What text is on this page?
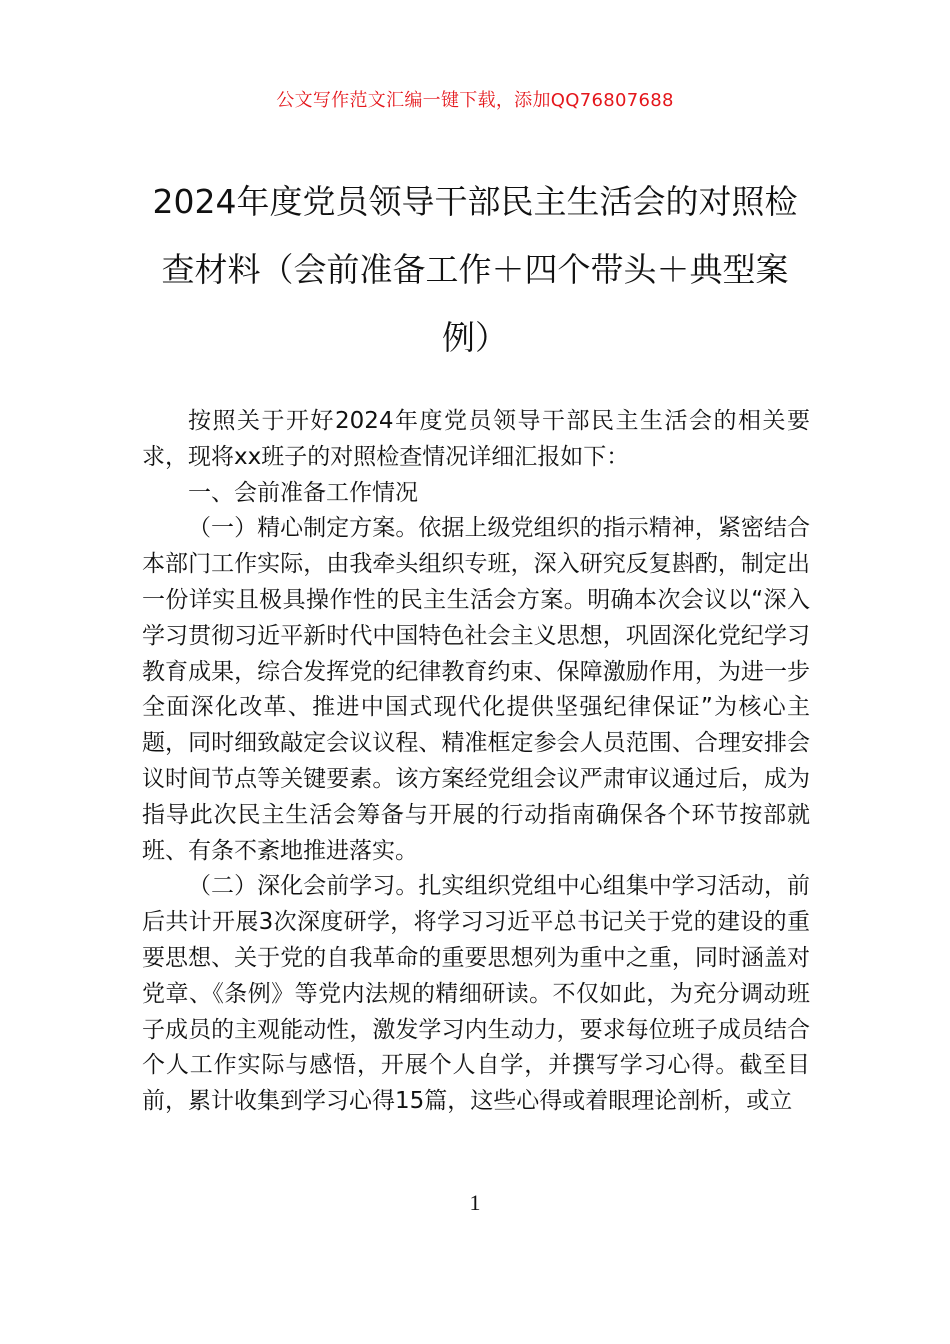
公文写作范文汇编一键下载，添加QQ76807688
2024年度党员领导干部民主生活会的对照检查材料（会前准备工作＋四个带头＋典型案例）

按照关于开好2024年度党员领导干部民主生活会的相关要求，现将xx班子的对照检查情况详细汇报如下：

一、会前准备工作情况

（一）精心制定方案。依据上级党组织的指示精神，紧密结合本部门工作实际，由我牵头组织专班，深入研究反复斟酌，制定出一份详实且极具操作性的民主生活会方案。明确本次会议以“深入学习贯彻习近平新时代中国特色社会主义思想，巩固深化党纪学习教育成果，综合发挥党的纪律教育约束、保障激励作用，为进一步全面深化改革、推进中国式现代化提供坚强纪律保证”为核心主题，同时细致敲定会议议程、精准框定参会人员范围、合理安排会议时间节点等关键要素。该方案经党组会议严肃审议通过后，成为指导此次民主生活会筹备与开展的行动指南确保各个环节按部就班、有条不紊地推进落实。

（二）深化会前学习。扎实组织党组中心组集中学习活动，前后共计开展3次深度研学，将学习习近平总书记关于党的建设的重要思想、关于党的自我革命的重要思想列为重中之重，同时涵盖对党章、《条例》等党内法规的精细研读。不仅如此，为充分调动班子成员的主观能动性，激发学习内生动力，要求每位班子成员结合个人工作实际与感悟，开展个人自学，并撰写学习心得。截至目前，累计收集到学习心得15篇，这些心得或着眼理论剖析，或立

1
